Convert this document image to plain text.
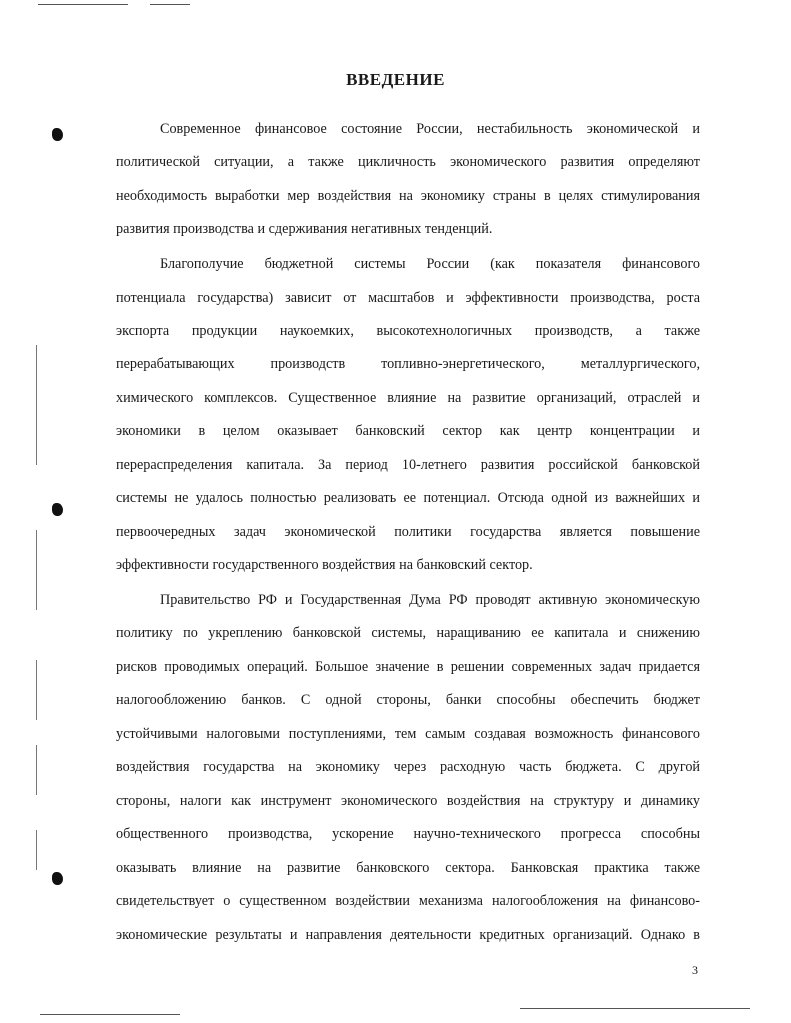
ВВЕДЕНИЕ
Современное финансовое состояние России, нестабильность экономической и
политической ситуации, а также цикличность экономического развития определяют
необходимость выработки мер воздействия на экономику страны в целях стимулирования
развития производства и сдерживания негативных тенденций.
Благополучие бюджетной системы России (как показателя финансового
потенциала государства) зависит от масштабов и эффективности производства, роста
экспорта продукции наукоемких, высокотехнологичных производств, а также
перерабатывающих производств топливно-энергетического, металлургического,
химического комплексов. Существенное влияние на развитие организаций, отраслей и
экономики в целом оказывает банковский сектор как центр концентрации и
перераспределения капитала. За период 10-летнего развития российской банковской
системы не удалось полностью реализовать ее потенциал. Отсюда одной из важнейших и
первоочередных задач экономической политики государства является повышение
эффективности государственного воздействия на банковский сектор.
Правительство РФ и Государственная Дума РФ проводят активную экономическую
политику по укреплению банковской системы, наращиванию ее капитала и снижению
рисков проводимых операций. Большое значение в решении современных задач придается
налогообложению банков. С одной стороны, банки способны обеспечить бюджет
устойчивыми налоговыми поступлениями, тем самым создавая возможность финансового
воздействия государства на экономику через расходную часть бюджета. С другой
стороны, налоги как инструмент экономического воздействия на структуру и динамику
общественного производства, ускорение научно-технического прогресса способны
оказывать влияние на развитие банковского сектора. Банковская практика также
свидетельствует о существенном воздействии механизма налогообложения на финансово-
экономические результаты и направления деятельности кредитных организаций. Однако в
3
